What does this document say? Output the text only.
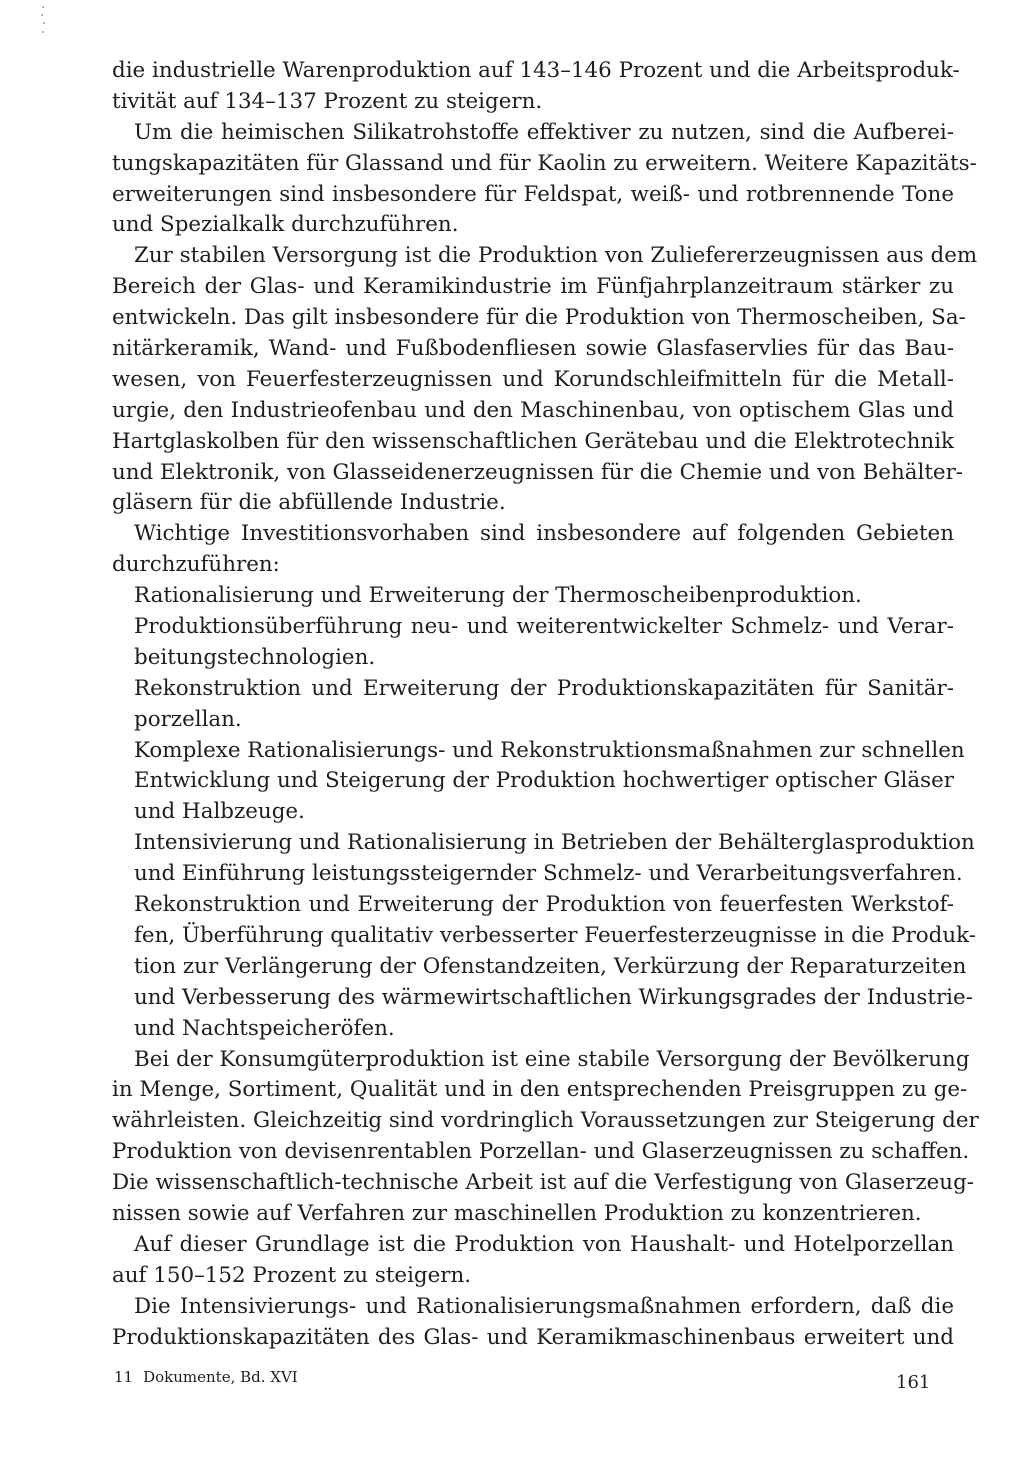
die industrielle Warenproduktion auf 143–146 Prozent und die Arbeitsproduk-
tivität auf 134–137 Prozent zu steigern.
Um die heimischen Silikatrohstoffe effektiver zu nutzen, sind die Aufberei-
tungskapazitäten für Glassand und für Kaolin zu erweitern. Weitere Kapazitäts-
erweiterungen sind insbesondere für Feldspat, weiß- und rotbrennende Tone
und Spezialkalk durchzuführen.
Zur stabilen Versorgung ist die Produktion von Zuliefererzeugnissen aus dem
Bereich der Glas- und Keramikindustrie im Fünfjahrplanzeitraum stärker zu
entwickeln. Das gilt insbesondere für die Produktion von Thermoscheiben, Sa-
nitärkeramik, Wand- und Fußbodenfliesen sowie Glasfaservlies für das Bau-
wesen, von Feuerfesterzeugnissen und Korundschleifmitteln für die Metall-
urgie, den Industrieofenbau und den Maschinenbau, von optischem Glas und
Hartglaskolben für den wissenschaftlichen Gerätebau und die Elektrotechnik
und Elektronik, von Glasseidenerzeugnissen für die Chemie und von Behälter-
gläsern für die abfüllende Industrie.
Wichtige Investitionsvorhaben sind insbesondere auf folgenden Gebieten
durchzuführen:
Rationalisierung und Erweiterung der Thermoscheibenproduktion.
Produktionsüberführung neu- und weiterentwickelter Schmelz- und Verar-
beitungstechnologien.
Rekonstruktion und Erweiterung der Produktionskapazitäten für Sanitär-
porzellan.
Komplexe Rationalisierungs- und Rekonstruktionsmaßnahmen zur schnellen
Entwicklung und Steigerung der Produktion hochwertiger optischer Gläser
und Halbzeuge.
Intensivierung und Rationalisierung in Betrieben der Behälterglasproduktion
und Einführung leistungssteigernder Schmelz- und Verarbeitungsverfahren.
Rekonstruktion und Erweiterung der Produktion von feuerfesten Werkstof-
fen, Überführung qualitativ verbesserter Feuerfesterzeugnisse in die Produk-
tion zur Verlängerung der Ofenstandzeiten, Verkürzung der Reparaturzeiten
und Verbesserung des wärmewirtschaftlichen Wirkungsgrades der Industrie-
und Nachtspeicheröfen.
Bei der Konsumgüterproduktion ist eine stabile Versorgung der Bevölkerung
in Menge, Sortiment, Qualität und in den entsprechenden Preisgruppen zu ge-
währleisten. Gleichzeitig sind vordringlich Voraussetzungen zur Steigerung der
Produktion von devisenrentablen Porzellan- und Glaserzeugnissen zu schaffen.
Die wissenschaftlich-technische Arbeit ist auf die Verfestigung von Glaserzeug-
nissen sowie auf Verfahren zur maschinellen Produktion zu konzentrieren.
Auf dieser Grundlage ist die Produktion von Haushalt- und Hotelporzellan
auf 150–152 Prozent zu steigern.
Die Intensivierungs- und Rationalisierungsmaßnahmen erfordern, daß die
Produktionskapazitäten des Glas- und Keramikmaschinenbaus erweitert und
11 Dokumente, Bd. XVI	161
